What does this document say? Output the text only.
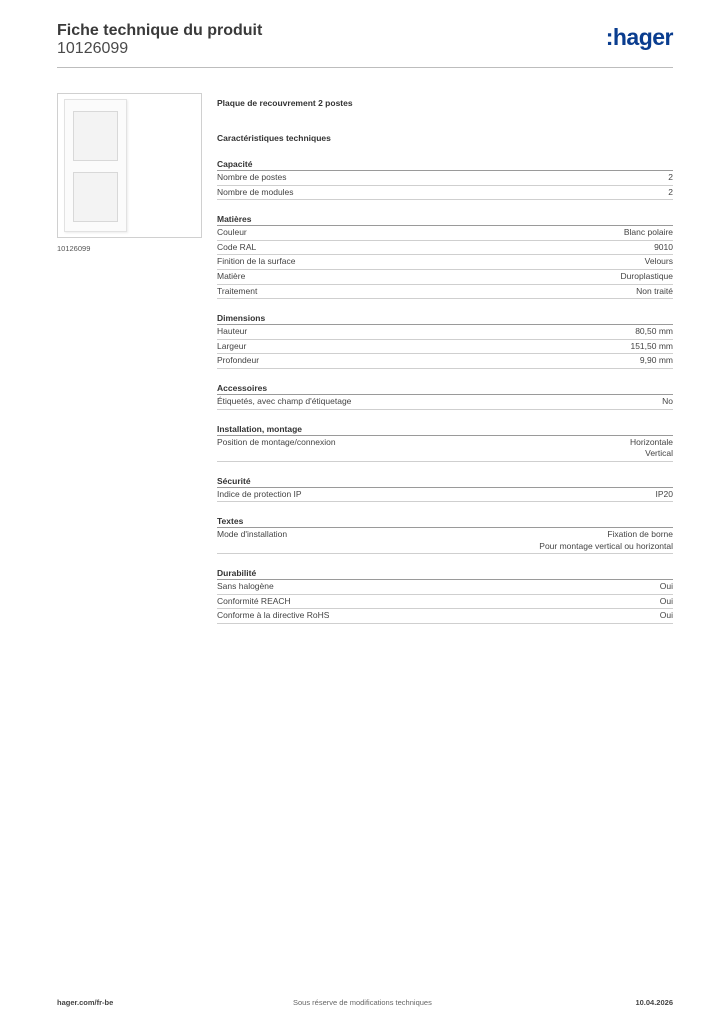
Fiche technique du produit
10126099	:hager
10126099
Plaque de recouvrement 2 postes
Caractéristiques techniques
Capacité
Nombre de postes	2
Nombre de modules	2
Matières
Couleur	Blanc polaire
Code RAL	9010
Finition de la surface	Velours
Matière	Duroplastique
Traitement	Non traité
Dimensions
Hauteur	80,50 mm
Largeur	151,50 mm
Profondeur	9,90 mm
Accessoires
Étiquetés, avec champ d'étiquetage	No
Installation, montage
Position de montage/connexion	Horizontale
Vertical
Sécurité
Indice de protection IP	IP20
Textes
Mode d'installation	Fixation de borne
Pour montage vertical ou horizontal
Durabilité
Sans halogène	Oui
Conformité REACH	Oui
Conforme à la directive RoHS	Oui
hager.com/fr-be	Sous réserve de modifications techniques	10.04.2026
